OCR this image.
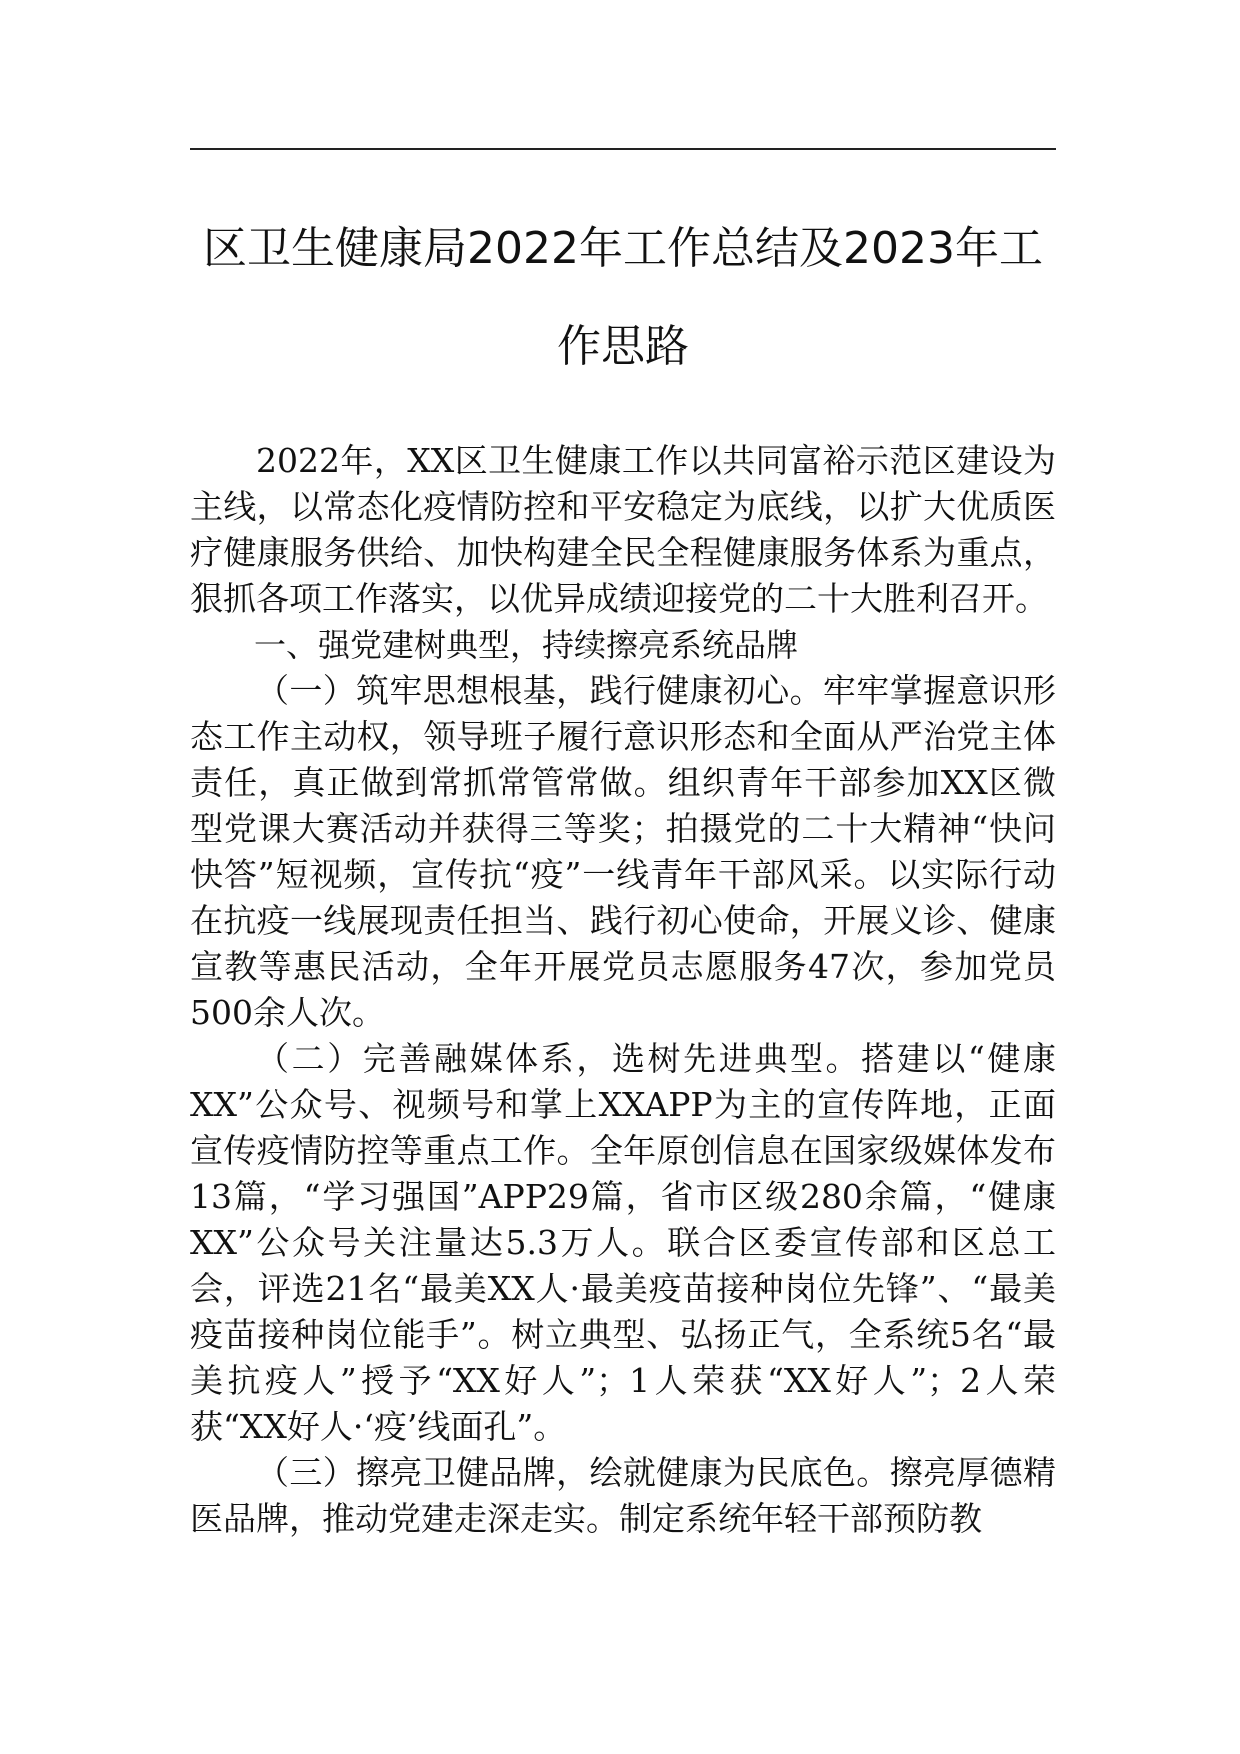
区卫生健康局2022年工作总结及2023年工作思路

2022年，XX区卫生健康工作以共同富裕示范区建设为主线，以常态化疫情防控和平安稳定为底线，以扩大优质医疗健康服务供给、加快构建全民全程健康服务体系为重点，狠抓各项工作落实，以优异成绩迎接党的二十大胜利召开。

一、强党建树典型，持续擦亮系统品牌

（一）筑牢思想根基，践行健康初心。牢牢掌握意识形态工作主动权，领导班子履行意识形态和全面从严治党主体责任，真正做到常抓常管常做。组织青年干部参加XX区微型党课大赛活动并获得三等奖；拍摄党的二十大精神“快问快答”短视频，宣传抗“疫”一线青年干部风采。以实际行动在抗疫一线展现责任担当、践行初心使命，开展义诊、健康宣教等惠民活动，全年开展党员志愿服务47次，参加党员500余人次。

（二）完善融媒体系，选树先进典型。搭建以“健康XX”公众号、视频号和掌上XXAPP为主的宣传阵地，正面宣传疫情防控等重点工作。全年原创信息在国家级媒体发布13篇，“学习强国”APP29篇，省市区级280余篇，“健康XX”公众号关注量达5.3万人。联合区委宣传部和区总工会，评选21名“最美XX人·最美疫苗接种岗位先锋”、“最美疫苗接种岗位能手”。树立典型、弘扬正气，全系统5名“最美抗疫人”授予“XX好人”；1人荣获“XX好人”；2人荣获“XX好人·‘疫’线面孔”。

（三）擦亮卫健品牌，绘就健康为民底色。擦亮厚德精医品牌，推动党建走深走实。制定系统年轻干部预防教
